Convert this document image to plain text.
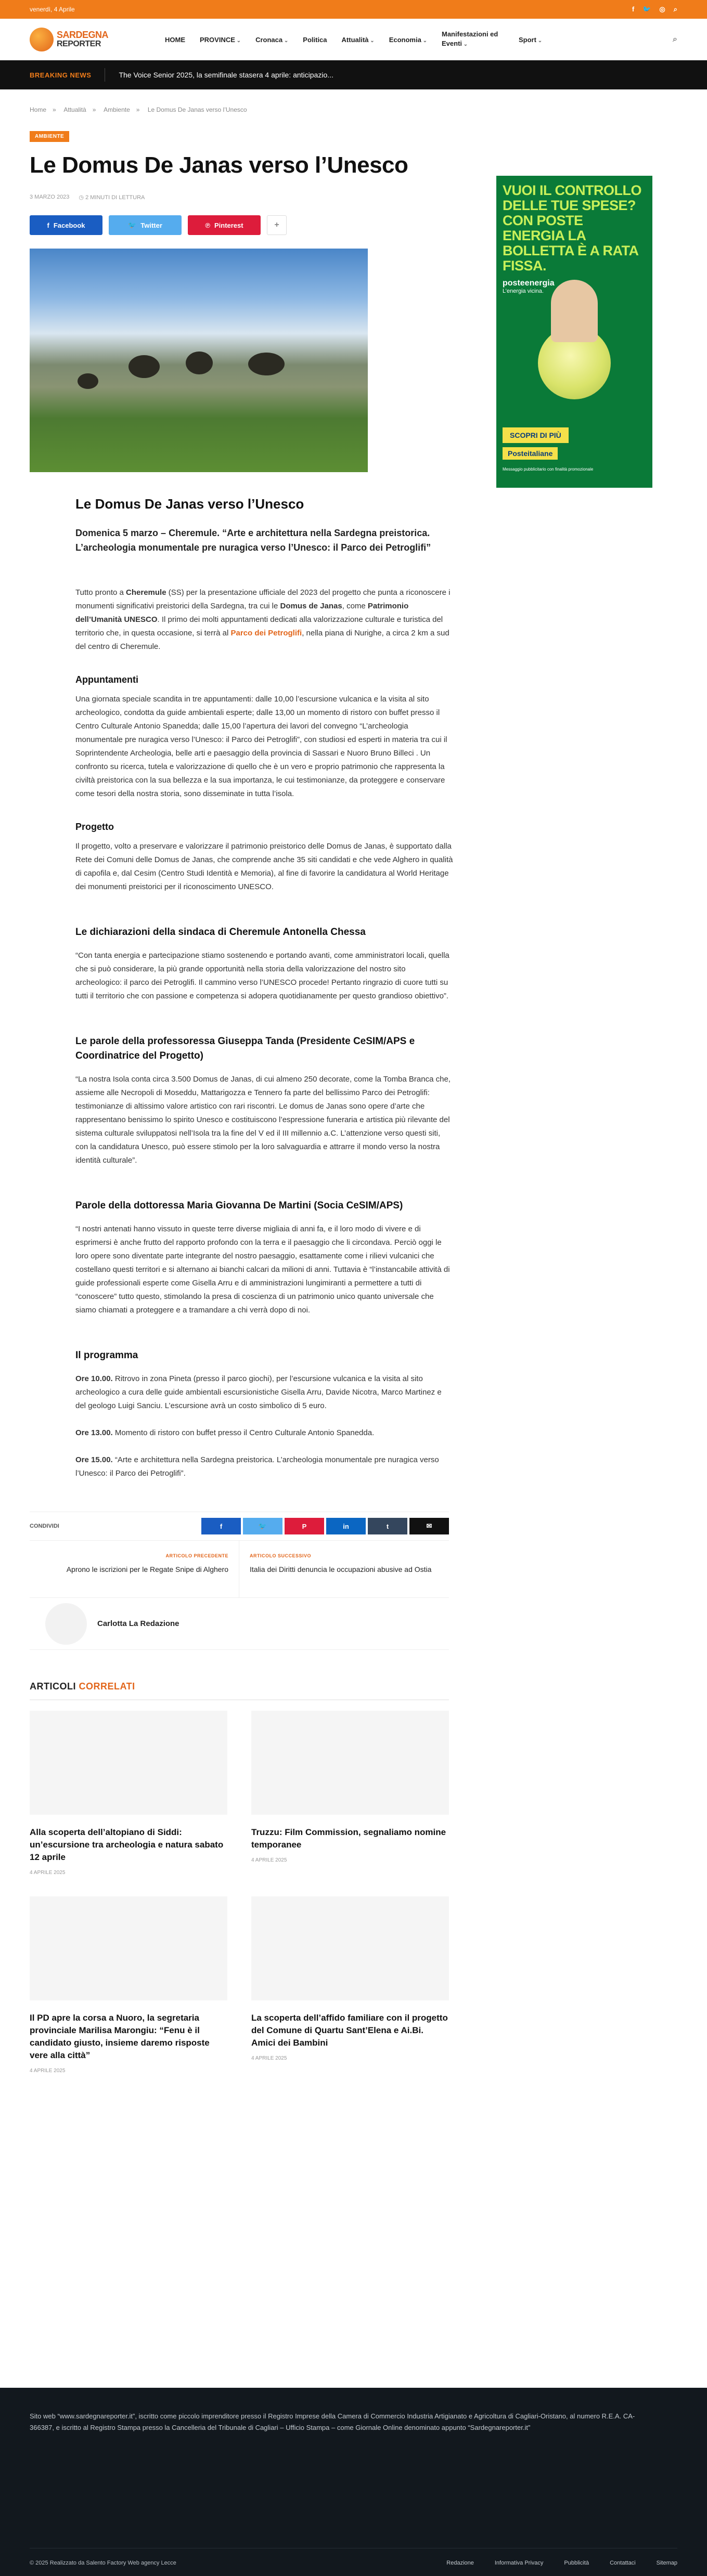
venerdì, 4 Aprile	f 🐦 ◎ ⌕
SARDEGNA
REPORTER	HOME PROVINCE ⌄	Cronaca ⌄	Politica Attualità ⌄	Economia ⌄
Manifestazioni ed Eventi ⌄	Sport ⌄	⌕
BREAKING NEWS	The Voice Senior 2025, la semifinale stasera 4 aprile: anticipazio...
Home » Attualità » Ambiente » Le Domus De Janas verso l’Unesco
AMBIENTE
Le Domus De Janas verso l’Unesco
3 MARZO 2023 ◷ 2 MINUTI DI LETTURA
f Facebook	🐦 Twitter	℗ Pinterest	+
Le Domus De Janas verso l’Unesco
Domenica 5 marzo – Cheremule. “Arte e architettura nella Sardegna preistorica. L’archeologia monumentale pre nuragica verso l’Unesco: il Parco dei Petroglifi”

Tutto pronto a Cheremule (SS) per la presentazione ufficiale del 2023 del progetto che punta a riconoscere i monumenti significativi preistorici della Sardegna, tra cui le Domus de Janas, come Patrimonio dell’Umanità UNESCO. Il primo dei molti appuntamenti dedicati alla valorizzazione culturale e turistica del territorio che, in questa occasione, si terrà al Parco dei Petroglifi, nella piana di Nurighe, a circa 2 km a sud del centro di Cheremule.

Appuntamenti

Una giornata speciale scandita in tre appuntamenti: dalle 10,00 l’escursione vulcanica e la visita al sito archeologico, condotta da guide ambientali esperte; dalle 13,00 un momento di ristoro con buffet presso il Centro Culturale Antonio Spanedda; dalle 15,00 l’apertura dei lavori del convegno “L’archeologia monumentale pre nuragica verso l’Unesco: il Parco dei Petroglifi”, con studiosi ed esperti in materia tra cui il Soprintendente Archeologia, belle arti e paesaggio della provincia di Sassari e Nuoro Bruno Billeci . Un confronto su ricerca, tutela e valorizzazione di quello che è un vero e proprio patrimonio che rappresenta la civiltà preistorica con la sua bellezza e la sua importanza, le cui testimonianze, da proteggere e conservare come tesori della nostra storia, sono disseminate in tutta l’isola.

Progetto

Il progetto, volto a preservare e valorizzare il patrimonio preistorico delle Domus de Janas, è supportato dalla Rete dei Comuni delle Domus de Janas, che comprende anche 35 siti candidati e che vede Alghero in qualità di capofila e, dal Cesim (Centro Studi Identità e Memoria), al fine di favorire la candidatura al World Heritage dei monumenti preistorici per il riconoscimento UNESCO.

Le dichiarazioni della sindaca di Cheremule Antonella Chessa

“Con tanta energia e partecipazione stiamo sostenendo e portando avanti, come amministratori locali, quella che si può considerare, la più grande opportunità nella storia della valorizzazione del nostro sito archeologico: il parco dei Petroglifi. Il cammino verso l’UNESCO procede! Pertanto ringrazio di cuore tutti su tutti il territorio che con passione e competenza si adopera quotidianamente per questo grandioso obiettivo”.

Le parole della professoressa Giuseppa Tanda (Presidente CeSIM/APS e Coordinatrice del Progetto)

“La nostra Isola conta circa 3.500 Domus de Janas, di cui almeno 250 decorate, come la Tomba Branca che, assieme alle Necropoli di Moseddu, Mattarigozza e Tennero fa parte del bellissimo Parco dei Petroglifi: testimonianze di altissimo valore artistico con rari riscontri. Le domus de Janas sono opere d’arte che rappresentano benissimo lo spirito Unesco e costituiscono l’espressione funeraria e artistica più rilevante del sistema culturale sviluppatosi nell’Isola tra la fine del V ed il III millennio a.C. L’attenzione verso questi siti, con la candidatura Unesco, può essere stimolo per la loro salvaguardia e attrarre il mondo verso la nostra identità culturale”.

Parole della dottoressa Maria Giovanna De Martini (Socia CeSIM/APS)

“I nostri antenati hanno vissuto in queste terre diverse migliaia di anni fa, e il loro modo di vivere e di esprimersi è anche frutto del rapporto profondo con la terra e il paesaggio che li circondava. Perciò oggi le loro opere sono diventate parte integrante del nostro paesaggio, esattamente come i rilievi vulcanici che costellano questi territori e si alternano ai bianchi calcari da milioni di anni. Tuttavia è “l’instancabile attività di guide professionali esperte come Gisella Arru e di amministrazioni lungimiranti a permettere a tutti di “conoscere” tutto questo, stimolando la presa di coscienza di un patrimonio unico quanto universale che siamo chiamati a proteggere e a tramandare a chi verrà dopo di noi.

Il programma

Ore 10.00. Ritrovo in zona Pineta (presso il parco giochi), per l’escursione vulcanica e la visita al sito archeologico a cura delle guide ambientali escursionistiche Gisella Arru, Davide Nicotra, Marco Martinez e del geologo Luigi Sanciu. L’escursione avrà un costo simbolico di 5 euro.

Ore 13.00. Momento di ristoro con buffet presso il Centro Culturale Antonio Spanedda.

Ore 15.00. “Arte e architettura nella Sardegna preistorica. L’archeologia monumentale pre nuragica verso l’Unesco: il Parco dei Petroglifi”.

CONDIVIDI	f	🐦	P	in	t	✉
ARTICOLO PRECEDENTE
Aprono le iscrizioni per le Regate Snipe di Alghero
ARTICOLO SUCCESSIVO
Italia dei Diritti denuncia le occupazioni abusive ad Ostia
Carlotta La Redazione
ARTICOLI CORRELATI
Alla scoperta dell’altopiano di Siddi: un’escursione tra archeologia e natura sabato 12 aprile
4 APRILE 2025
Truzzu: Film Commission, segnaliamo nomine temporanee
4 APRILE 2025
Il PD apre la corsa a Nuoro, la segretaria provinciale Marilisa Marongiu: “Fenu è il candidato giusto, insieme daremo risposte vere alla città”
4 APRILE 2025
La scoperta dell’affido familiare con il progetto del Comune di Quartu Sant’Elena e Ai.Bi. Amici dei Bambini
4 APRILE 2025
VUOI IL CONTROLLO DELLE TUE SPESE? CON POSTE ENERGIA LA BOLLETTA È A RATA FISSA.
posteenergia
L’energia vicina.
SCOPRI DI PIÙ
Posteitaliane
Messaggio pubblicitario con finalità promozionale
Sito web “www.sardegnareporter.it”, iscritto come piccolo imprenditore presso il Registro Imprese della Camera di Commercio Industria Artigianato e Agricoltura di Cagliari-Oristano, al numero R.E.A. CA-366387, e iscritto al Registro Stampa presso la Cancelleria del Tribunale di Cagliari – Ufficio Stampa – come Giornale Online denominato appunto “Sardegnareporter.it”
© 2025 Realizzato da Salento Factory Web agency Lecce	Redazione	Informativa Privacy	Pubblicità	Contattaci	Sitemap
